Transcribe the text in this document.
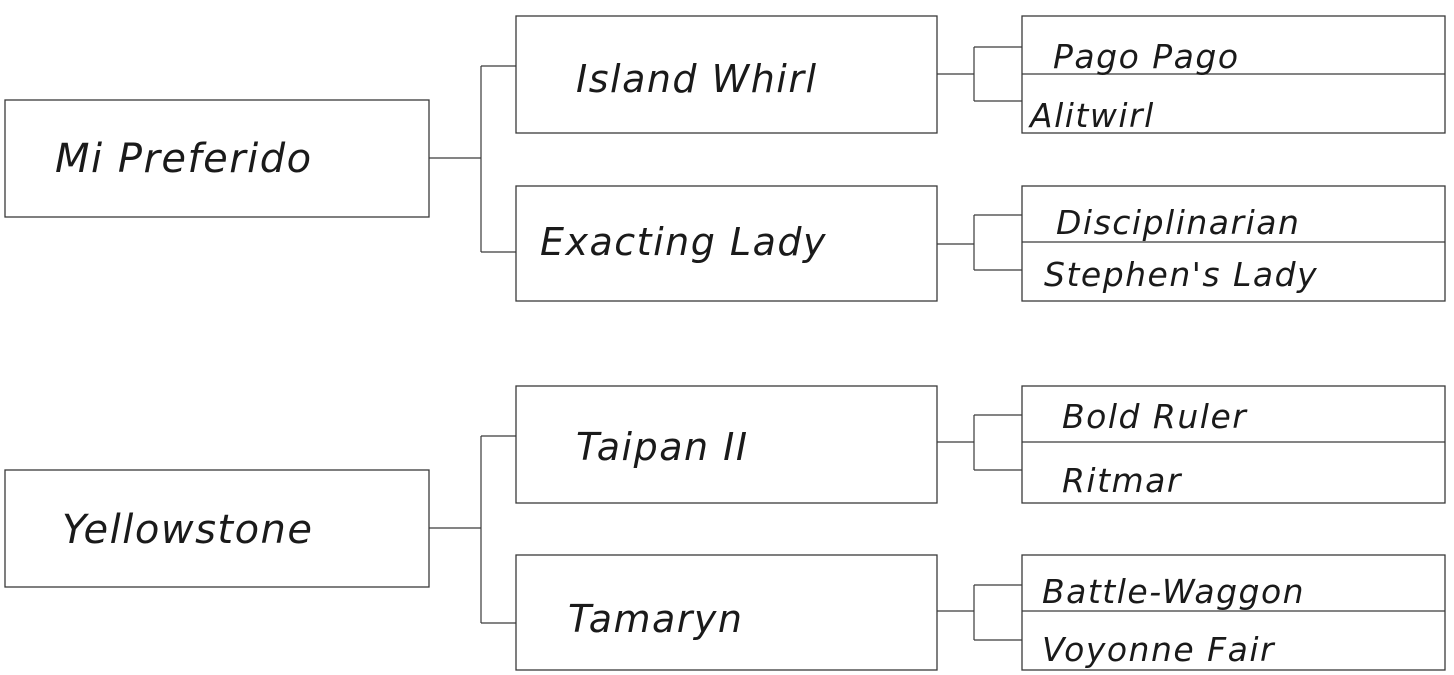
Mi Preferido
Island Whirl
Exacting Lady
Pago Pago
Alitwirl
Disciplinarian
Stephen's Lady
Yellowstone
Taipan II
Tamaryn
Bold Ruler
Ritmar
Battle-Waggon
Voyonne Fair
